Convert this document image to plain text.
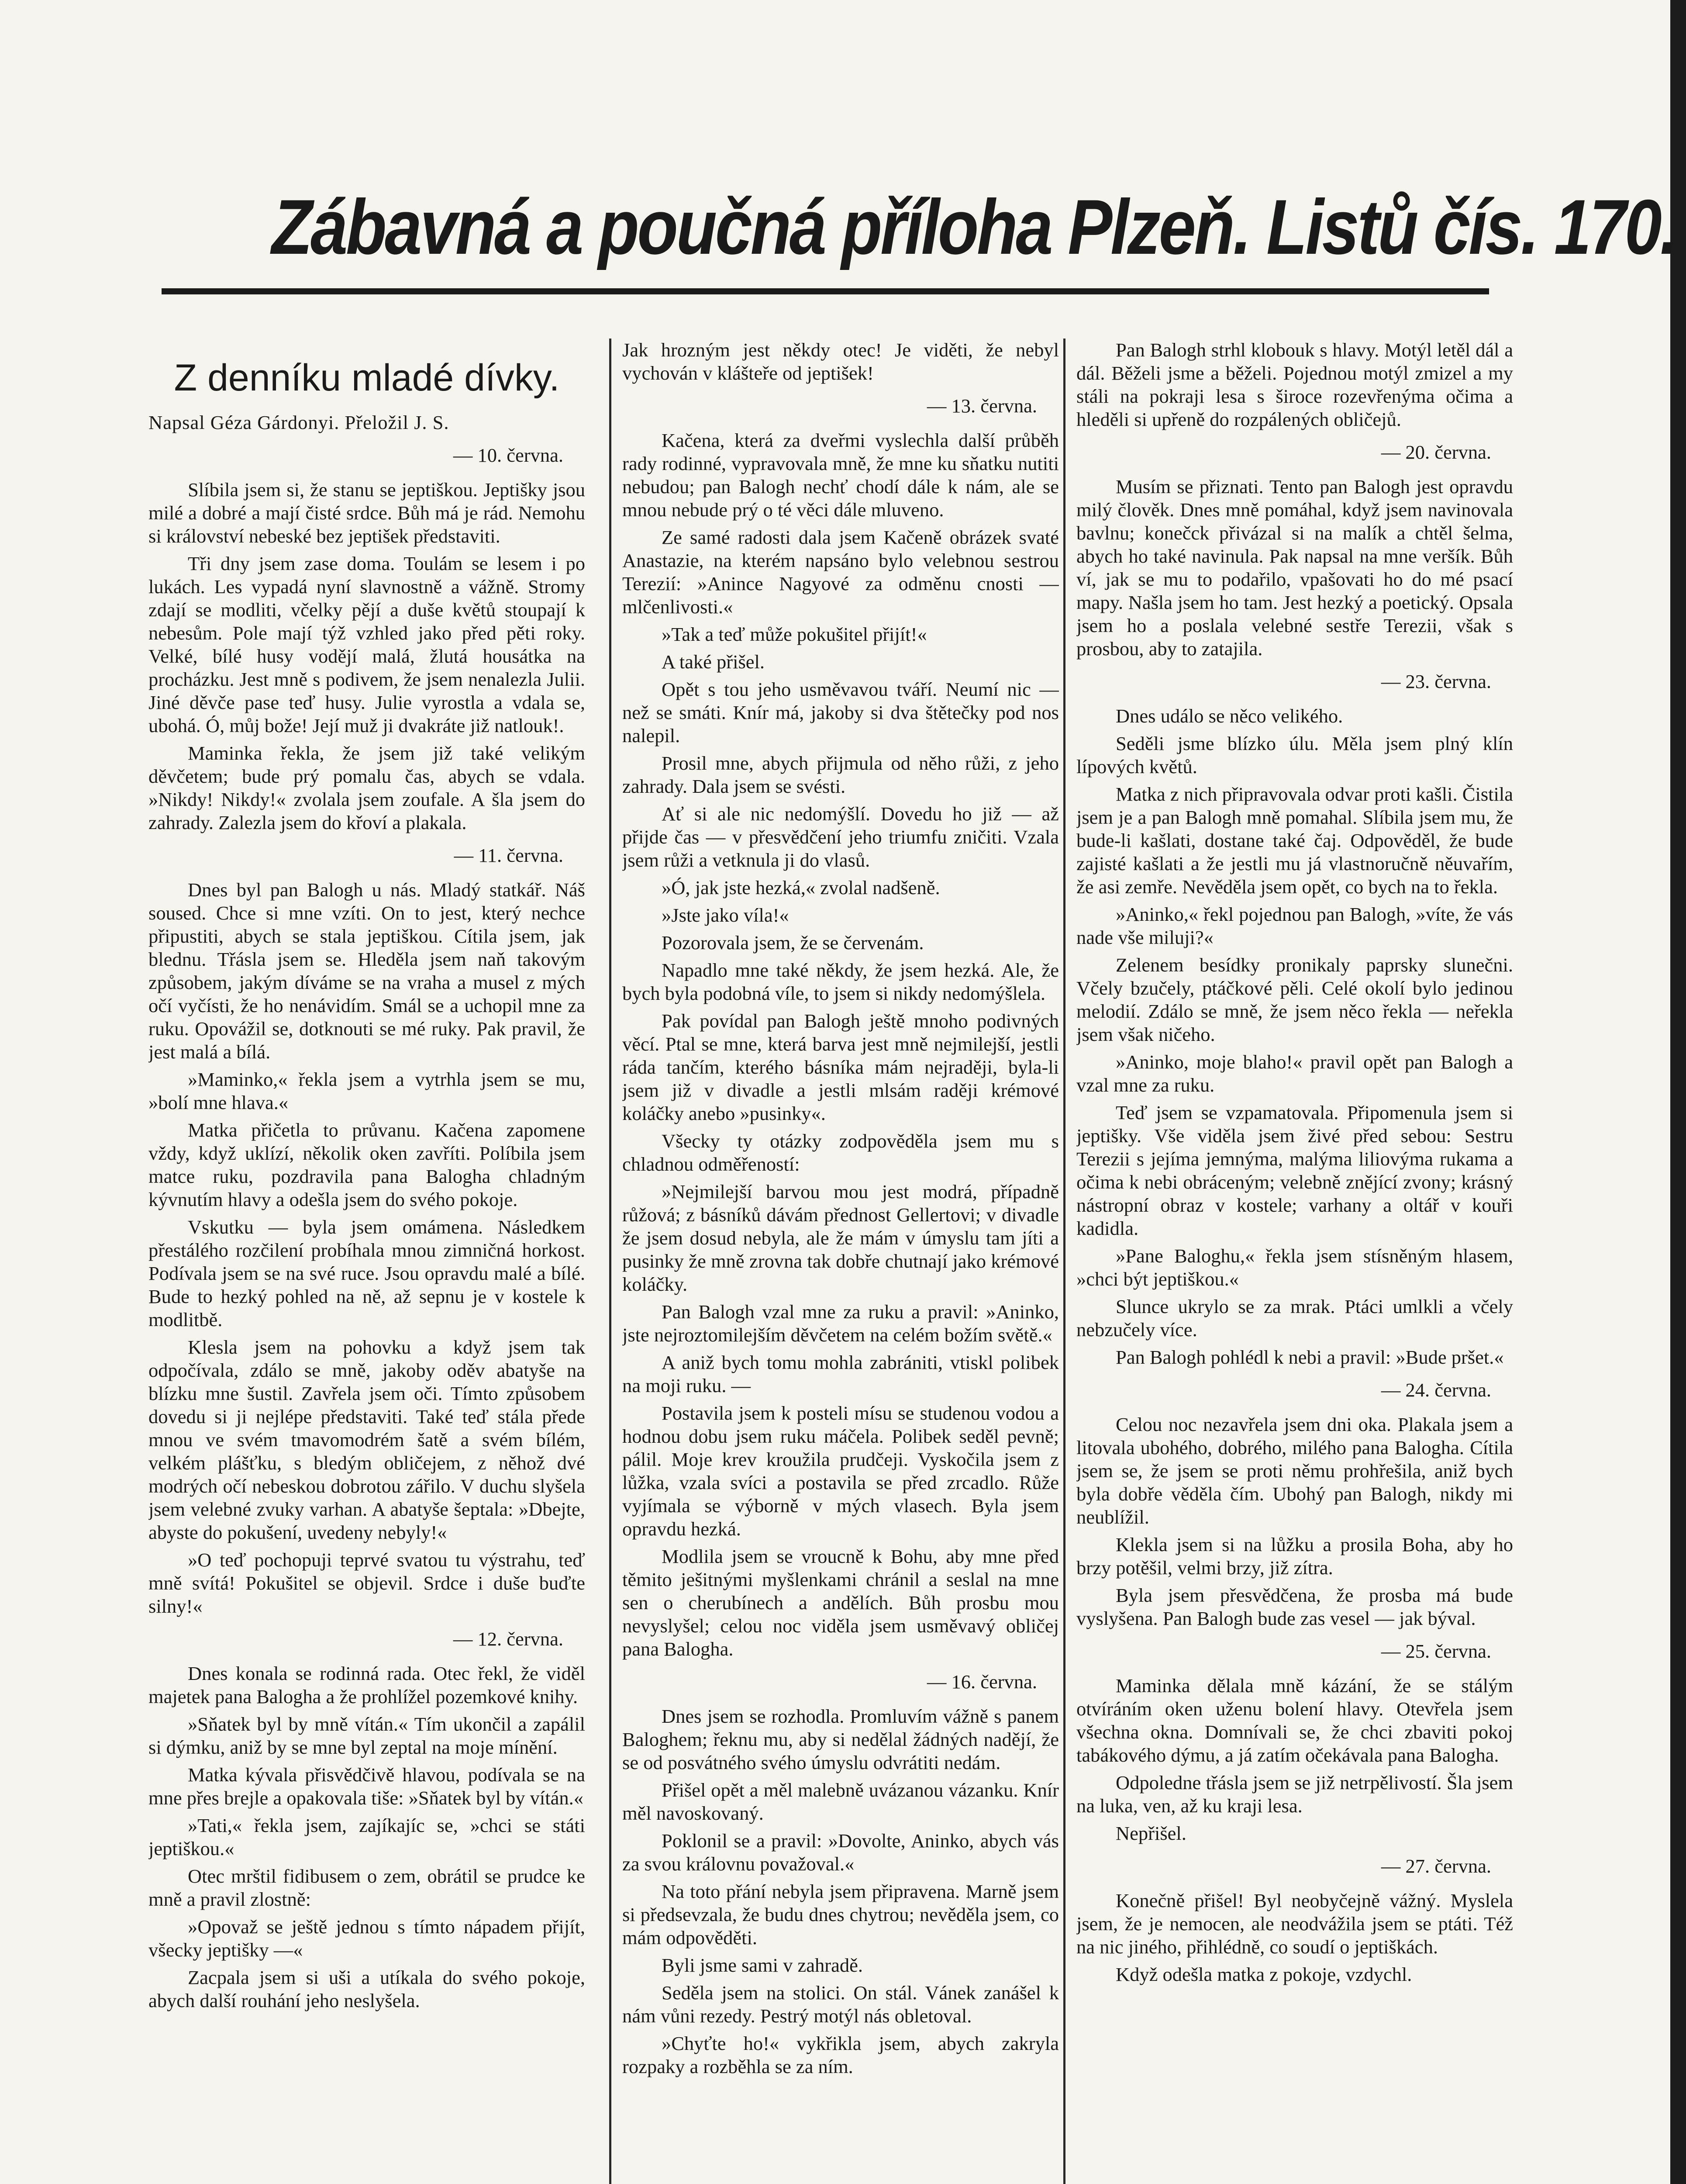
Zábavná a poučná příloha Plzeň. Listů čís. 170.
Z denníku mladé dívky.
Napsal Géza Gárdonyi. Přeložil J. S.
— 10. června.

Slíbila jsem si, že stanu se jeptiškou. Jeptišky jsou milé a dobré a mají čisté srdce. Bůh má je rád. Nemohu si království nebeské bez jeptišek představiti.

Tři dny jsem zase doma. Toulám se lesem i po lukách. Les vypadá nyní slavnostně a vážně. Stromy zdají se modliti, včelky pějí a duše květů stoupají k nebesům. Pole mají týž vzhled jako před pěti roky. Velké, bílé husy vodějí malá, žlutá housátka na procházku. Jest mně s podivem, že jsem nenalezla Julii. Jiné děvče pase teď husy. Julie vyrostla a vdala se, ubohá. Ó, můj bože! Její muž ji dvakráte již natlouk!.

Maminka řekla, že jsem již také velikým děvčetem; bude prý pomalu čas, abych se vdala. »Nikdy! Nikdy!« zvolala jsem zoufale. A šla jsem do zahrady. Zalezla jsem do křoví a plakala.

— 11. června.

Dnes byl pan Balogh u nás. Mladý statkář. Náš soused. Chce si mne vzíti. On to jest, který nechce připustiti, abych se stala jeptiškou. Cítila jsem, jak blednu. Třásla jsem se. Hleděla jsem naň takovým způsobem, jakým díváme se na vraha a musel z mých očí vyčísti, že ho nenávidím. Smál se a uchopil mne za ruku. Opovážil se, dotknouti se mé ruky. Pak pravil, že jest malá a bílá.

»Maminko,« řekla jsem a vytrhla jsem se mu, »bolí mne hlava.«

Matka přičetla to průvanu. Kačena zapomene vždy, když uklízí, několik oken zavříti. Políbila jsem matce ruku, pozdravila pana Balogha chladným kývnutím hlavy a odešla jsem do svého pokoje.

Vskutku — byla jsem omámena. Následkem přestálého rozčilení probíhala mnou zimničná horkost. Podívala jsem se na své ruce. Jsou opravdu malé a bílé. Bude to hezký pohled na ně, až sepnu je v kostele k modlitbě.

Klesla jsem na pohovku a když jsem tak odpočívala, zdálo se mně, jakoby oděv abatyše na blízku mne šustil. Zavřela jsem oči. Tímto způsobem dovedu si ji nejlépe představiti. Také teď stála přede mnou ve svém tmavomodrém šatě a svém bílém, velkém plášťku, s bledým obličejem, z něhož dvé modrých očí nebeskou dobrotou zářilo. V duchu slyšela jsem velebné zvuky varhan. A abatyše šeptala: »Dbejte, abyste do pokušení, uvedeny nebyly!«

»O teď pochopuji teprvé svatou tu výstrahu, teď mně svítá! Pokušitel se objevil. Srdce i duše buďte silny!«

— 12. června.

Dnes konala se rodinná rada. Otec řekl, že viděl majetek pana Balogha a že prohlížel pozemkové knihy.

»Sňatek byl by mně vítán.« Tím ukončil a zapálil si dýmku, aniž by se mne byl zeptal na moje mínění.

Matka kývala přisvědčivě hlavou, podívala se na mne přes brejle a opakovala tiše: »Sňatek byl by vítán.«

»Tati,« řekla jsem, zajíkajíc se, »chci se státi jeptiškou.«

Otec mrštil fidibusem o zem, obrátil se prudce ke mně a pravil zlostně:

»Opovaž se ještě jednou s tímto nápadem přijít, všecky jeptišky —«

Zacpala jsem si uši a utíkala do svého pokoje, abych další rouhání jeho neslyšela.

Jak hrozným jest někdy otec! Je viděti, že nebyl vychován v klášteře od jeptišek!

— 13. června.

Kačena, která za dveřmi vyslechla další průběh rady rodinné, vypravovala mně, že mne ku sňatku nutiti nebudou; pan Balogh nechť chodí dále k nám, ale se mnou nebude prý o té věci dále mluveno.

Ze samé radosti dala jsem Kačeně obrázek svaté Anastazie, na kterém napsáno bylo velebnou sestrou Terezií: »Anince Nagyové za odměnu cnosti — mlčenlivosti.«

»Tak a teď může pokušitel přijít!«

A také přišel.

Opět s tou jeho usměvavou tváří. Neumí nic — než se smáti. Knír má, jakoby si dva štětečky pod nos nalepil.

Prosil mne, abych přijmula od něho růži, z jeho zahrady. Dala jsem se svésti.

Ať si ale nic nedomýšlí. Dovedu ho již — až přijde čas — v přesvědčení jeho triumfu zničiti. Vzala jsem růži a vetknula ji do vlasů.

»Ó, jak jste hezká,« zvolal nadšeně.

»Jste jako víla!«

Pozorovala jsem, že se červenám.

Napadlo mne také někdy, že jsem hezká. Ale, že bych byla podobná víle, to jsem si nikdy nedomýšlela.

Pak povídal pan Balogh ještě mnoho podivných věcí. Ptal se mne, která barva jest mně nejmilejší, jestli ráda tančím, kterého básníka mám nejraději, byla-li jsem již v divadle a jestli mlsám raději krémové koláčky anebo »pusinky«.

Všecky ty otázky zodpověděla jsem mu s chladnou odměřeností:

»Nejmilejší barvou mou jest modrá, případně růžová; z básníků dávám přednost Gellertovi; v divadle že jsem dosud nebyla, ale že mám v úmyslu tam jíti a pusinky že mně zrovna tak dobře chutnají jako krémové koláčky.

Pan Balogh vzal mne za ruku a pravil: »Aninko, jste nejroztomilejším děvčetem na celém božím světě.«

A aniž bych tomu mohla zabrániti, vtiskl polibek na moji ruku. —

Postavila jsem k posteli mísu se studenou vodou a hodnou dobu jsem ruku máčela. Polibek seděl pevně; pálil. Moje krev kroužila prudčeji. Vyskočila jsem z lůžka, vzala svíci a postavila se před zrcadlo. Růže vyjímala se výborně v mých vlasech. Byla jsem opravdu hezká.

Modlila jsem se vroucně k Bohu, aby mne před těmito ješitnými myšlenkami chránil a seslal na mne sen o cherubínech a andělích. Bůh prosbu mou nevyslyšel; celou noc viděla jsem usměvavý obličej pana Balogha.

— 16. června.

Dnes jsem se rozhodla. Promluvím vážně s panem Baloghem; řeknu mu, aby si nedělal žádných nadějí, že se od posvátného svého úmyslu odvrátiti nedám.

Přišel opět a měl malebně uvázanou vázanku. Knír měl navoskovaný.

Poklonil se a pravil: »Dovolte, Aninko, abych vás za svou královnu považoval.«

Na toto přání nebyla jsem připravena. Marně jsem si předsevzala, že budu dnes chytrou; nevěděla jsem, co mám odpověděti.

Byli jsme sami v zahradě.

Seděla jsem na stolici. On stál. Vánek zanášel k nám vůni rezedy. Pestrý motýl nás obletoval.

»Chyťte ho!« vykřikla jsem, abych zakryla rozpaky a rozběhla se za ním.

Pan Balogh strhl klobouk s hlavy. Motýl letěl dál a dál. Běželi jsme a běželi. Pojednou motýl zmizel a my stáli na pokraji lesa s široce rozevřenýma očima a hleděli si upřeně do rozpálených obličejů.

— 20. června.

Musím se přiznati. Tento pan Balogh jest opravdu milý člověk. Dnes mně pomáhal, když jsem navinovala bavlnu; konečck přivázal si na malík a chtěl šelma, abych ho také navinula. Pak napsal na mne veršík. Bůh ví, jak se mu to podařilo, vpašovati ho do mé psací mapy. Našla jsem ho tam. Jest hezký a poetický. Opsala jsem ho a poslala velebné sestře Terezii, však s prosbou, aby to zatajila.

— 23. června.

Dnes událo se něco velikého.

Seděli jsme blízko úlu. Měla jsem plný klín lípových květů.

Matka z nich připravovala odvar proti kašli. Čistila jsem je a pan Balogh mně pomahal. Slíbila jsem mu, že bude-li kašlati, dostane také čaj. Odpověděl, že bude zajisté kašlati a že jestli mu já vlastnoručně něuvařím, že asi zemře. Nevěděla jsem opět, co bych na to řekla.

»Aninko,« řekl pojednou pan Balogh, »víte, že vás nade vše miluji?«

Zelenem besídky pronikaly paprsky slunečni. Včely bzučely, ptáčkové pěli. Celé okolí bylo jedinou melodií. Zdálo se mně, že jsem něco řekla — neřekla jsem však ničeho.

»Aninko, moje blaho!« pravil opět pan Balogh a vzal mne za ruku.

Teď jsem se vzpamatovala. Připomenula jsem si jeptišky. Vše viděla jsem živé před sebou: Sestru Terezii s jejíma jemnýma, malýma liliovýma rukama a očima k nebi obráceným; velebně znějící zvony; krásný nástropní obraz v kostele; varhany a oltář v kouři kadidla.

»Pane Baloghu,« řekla jsem stísněným hlasem, »chci být jeptiškou.«

Slunce ukrylo se za mrak. Ptáci umlkli a včely nebzučely více.

Pan Balogh pohlédl k nebi a pravil: »Bude pršet.«

— 24. června.

Celou noc nezavřela jsem dni oka. Plakala jsem a litovala ubohého, dobrého, milého pana Balogha. Cítila jsem se, že jsem se proti němu prohřešila, aniž bych byla dobře věděla čím. Ubohý pan Balogh, nikdy mi neublížil.

Klekla jsem si na lůžku a prosila Boha, aby ho brzy potěšil, velmi brzy, již zítra.

Byla jsem přesvědčena, že prosba má bude vyslyšena. Pan Balogh bude zas vesel — jak býval.

— 25. června.

Maminka dělala mně kázání, že se stálým otvíráním oken uženu bolení hlavy. Otevřela jsem všechna okna. Domnívali se, že chci zbaviti pokoj tabákového dýmu, a já zatím očekávala pana Balogha.

Odpoledne třásla jsem se již netrpělivostí. Šla jsem na luka, ven, až ku kraji lesa.

Nepřišel.

— 27. června.

Konečně přišel! Byl neobyčejně vážný. Myslela jsem, že je nemocen, ale neodvážila jsem se ptáti. Též na nic jiného, přihlédně, co soudí o jeptiškách.

Když odešla matka z pokoje, vzdychl.
